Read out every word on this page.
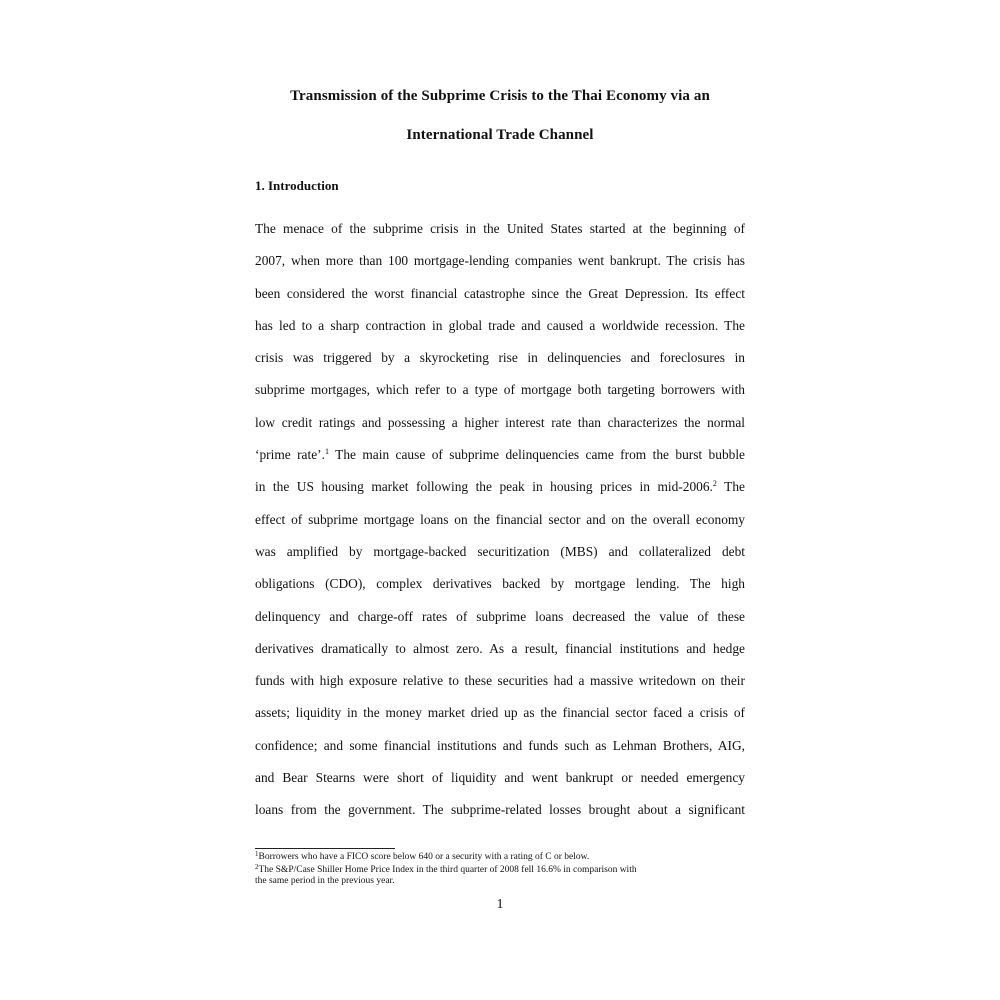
Transmission of the Subprime Crisis to the Thai Economy via an
International Trade Channel
1. Introduction
The menace of the subprime crisis in the United States started at the beginning of
2007, when more than 100 mortgage-lending companies went bankrupt. The crisis has
been considered the worst financial catastrophe since the Great Depression. Its effect
has led to a sharp contraction in global trade and caused a worldwide recession. The
crisis was triggered by a skyrocketing rise in delinquencies and foreclosures in
subprime mortgages, which refer to a type of mortgage both targeting borrowers with
low credit ratings and possessing a higher interest rate than characterizes the normal
‘prime rate’.$^1$ The main cause of subprime delinquencies came from the burst bubble
in the US housing market following the peak in housing prices in mid-2006.$^2$ The
effect of subprime mortgage loans on the financial sector and on the overall economy
was amplified by mortgage-backed securitization (MBS) and collateralized debt
obligations (CDO), complex derivatives backed by mortgage lending. The high
delinquency and charge-off rates of subprime loans decreased the value of these
derivatives dramatically to almost zero. As a result, financial institutions and hedge
funds with high exposure relative to these securities had a massive writedown on their
assets; liquidity in the money market dried up as the financial sector faced a crisis of
confidence; and some financial institutions and funds such as Lehman Brothers, AIG,
and Bear Stearns were short of liquidity and went bankrupt or needed emergency
loans from the government. The subprime-related losses brought about a significant

$^1$Borrowers who have a FICO score below 640 or a security with a rating of C or below.

$^2$The S&P/Case Shiller Home Price Index in the third quarter of 2008 fell 16.6% in comparison with
the same period in the previous year.

1
